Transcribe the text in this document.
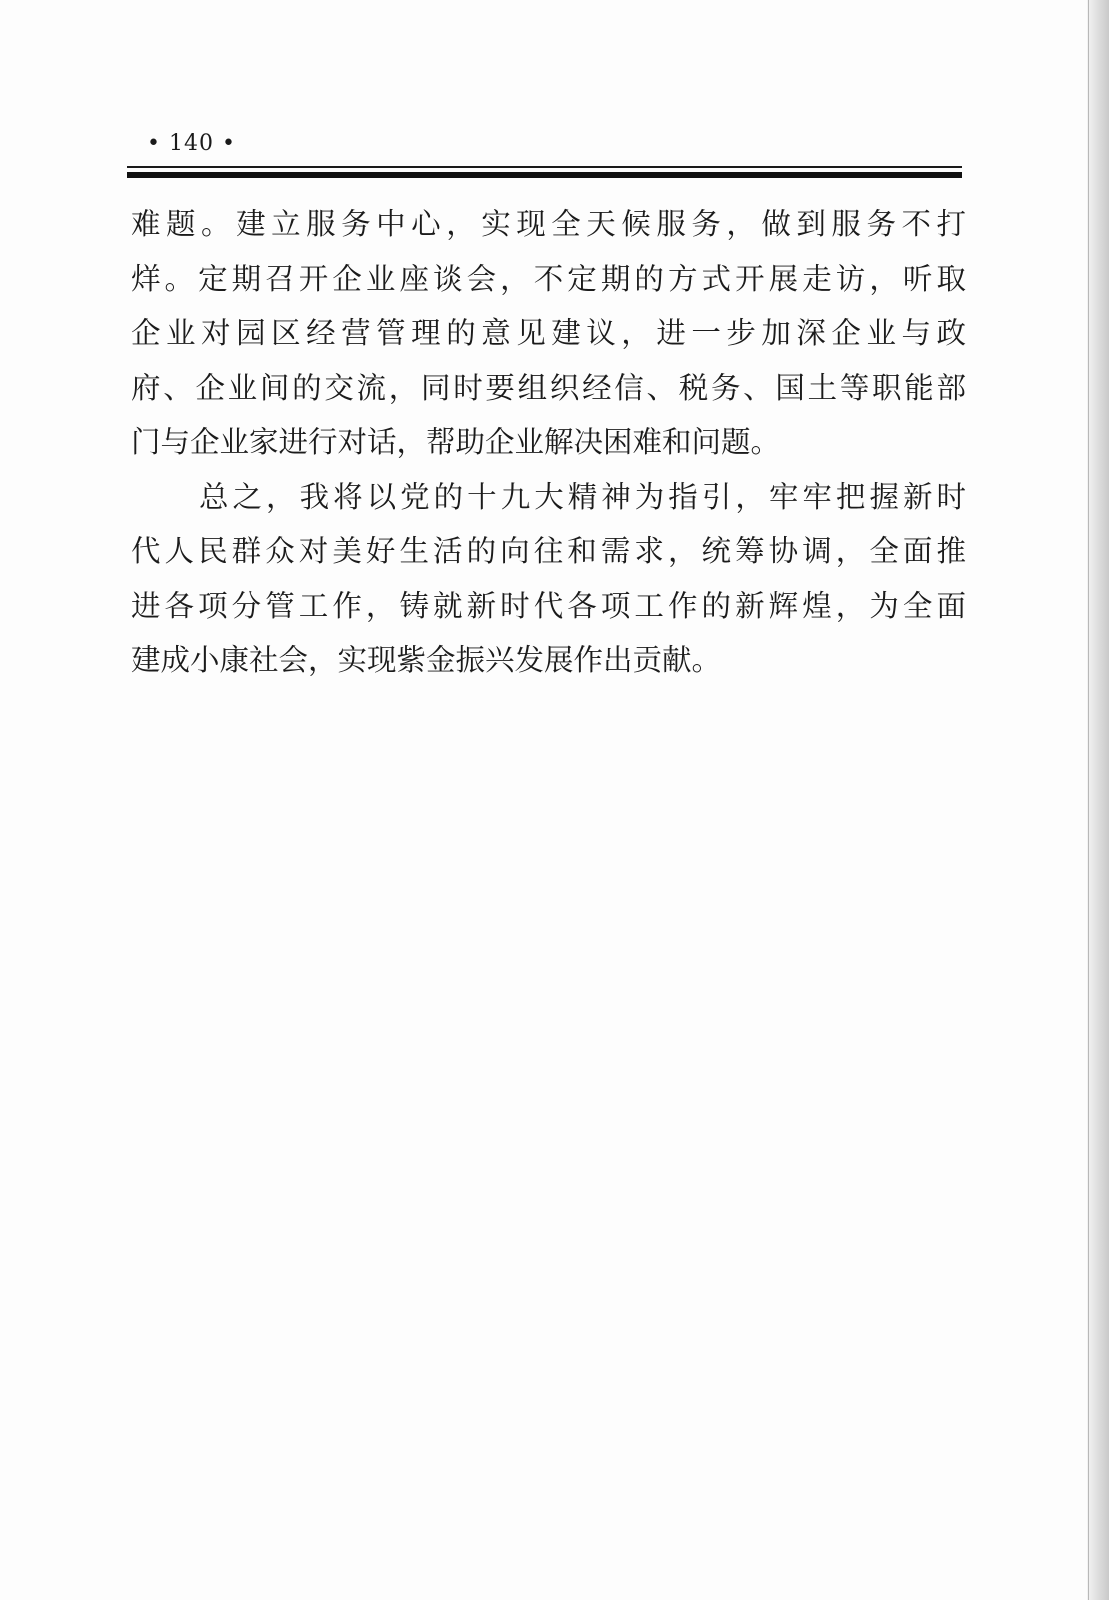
• 140 •
难题。建立服务中心，实现全天候服务，做到服务不打
烊。定期召开企业座谈会，不定期的方式开展走访，听取
企业对园区经营管理的意见建议，进一步加深企业与政
府、企业间的交流，同时要组织经信、税务、国土等职能部
门与企业家进行对话，帮助企业解决困难和问题。
总之，我将以党的十九大精神为指引，牢牢把握新时
代人民群众对美好生活的向往和需求，统筹协调，全面推
进各项分管工作，铸就新时代各项工作的新辉煌，为全面
建成小康社会，实现紫金振兴发展作出贡献。
